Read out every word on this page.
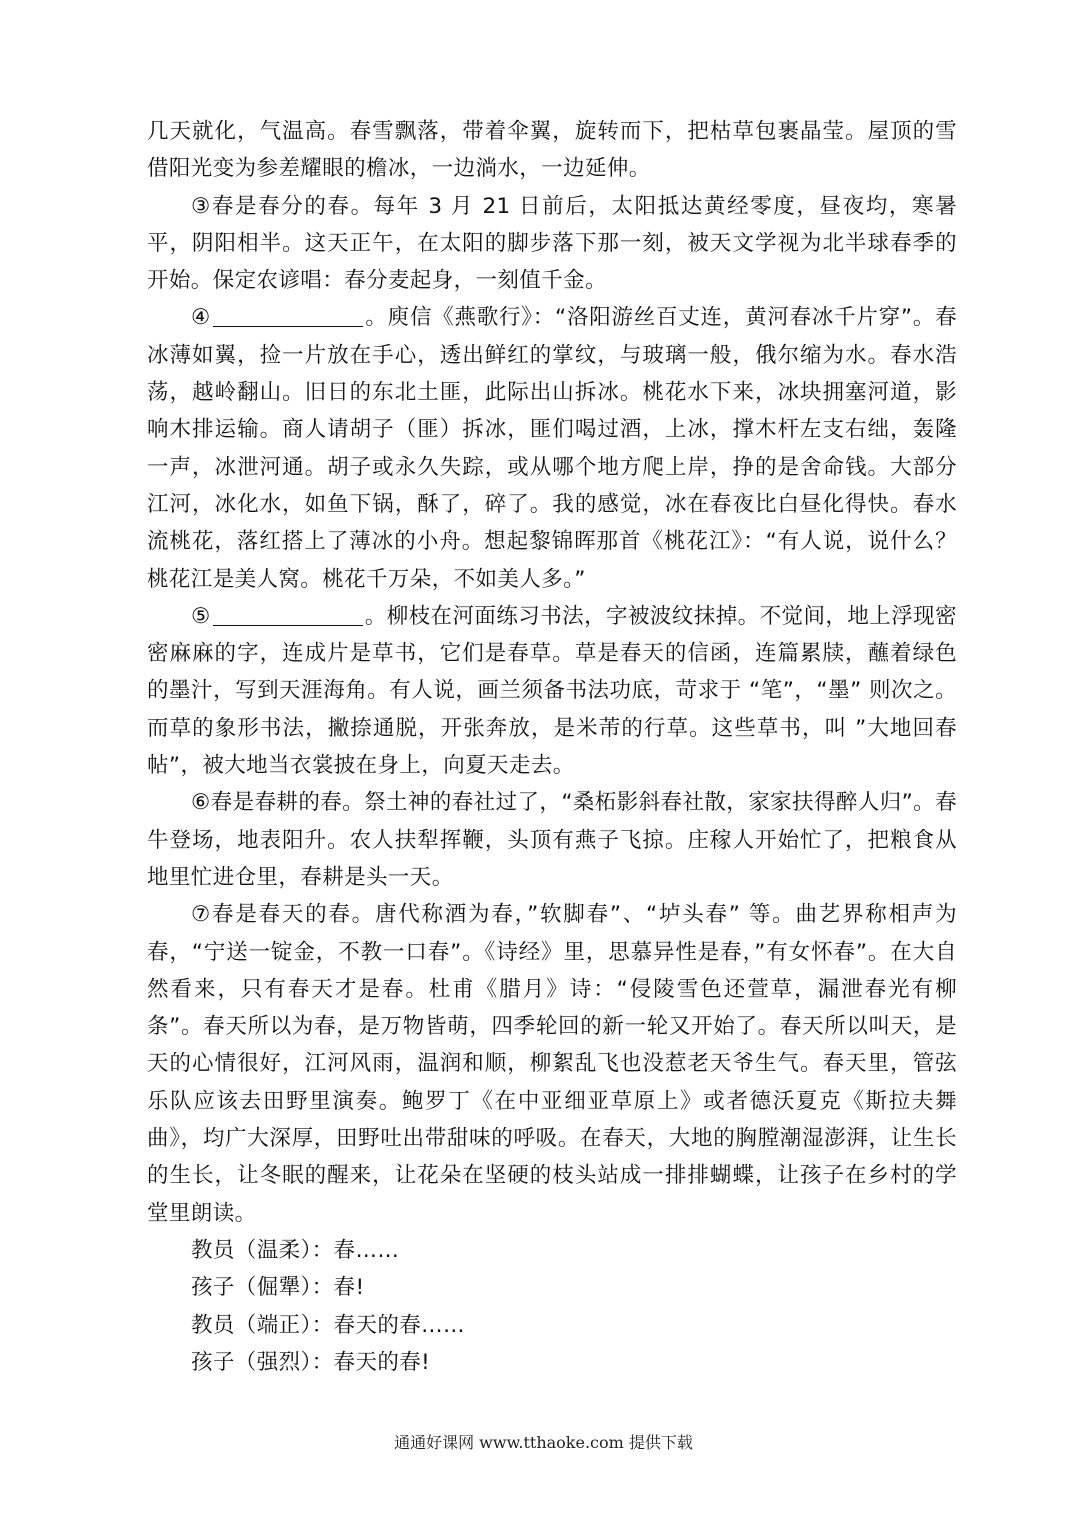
几天就化，气温高。春雪飘落，带着伞翼，旋转而下，把枯草包裹晶莹。屋顶的雪借阳光变为参差耀眼的檐冰，一边淌水，一边延伸。

③春是春分的春。每年 3 月 21 日前后，太阳抵达黄经零度，昼夜均，寒暑平，阴阳相半。这天正午，在太阳的脚步落下那一刻，被天文学视为北半球春季的开始。保定农谚唱：春分麦起身，一刻值千金。

④	。庾信《燕歌行》：“洛阳游丝百丈连，黄河春冰千片穿”。春冰薄如翼，捡一片放在手心，透出鲜红的掌纹，与玻璃一般，俄尔缩为水。春水浩荡，越岭翻山。旧日的东北土匪，此际出山拆冰。桃花水下来，冰块拥塞河道，影响木排运输。商人请胡子（匪）拆冰，匪们喝过酒，上冰，撑木杆左支右绌，轰隆一声，冰泄河通。胡子或永久失踪，或从哪个地方爬上岸，挣的是舍命钱。大部分江河，冰化水，如鱼下锅，酥了，碎了。我的感觉，冰在春夜比白昼化得快。春水流桃花，落红搭上了薄冰的小舟。想起黎锦晖那首《桃花江》：“有人说，说什么？桃花江是美人窝。桃花千万朵，不如美人多。”

⑤	。柳枝在河面练习书法，字被波纹抹掉。不觉间，地上浮现密密麻麻的字，连成片是草书，它们是春草。草是春天的信函，连篇累牍，蘸着绿色的墨汁，写到天涯海角。有人说，画兰须备书法功底，苛求于 “笔”，“墨” 则次之。而草的象形书法，撇捺通脱，开张奔放，是米芾的行草。这些草书，叫 ”大地回春帖”，被大地当衣裳披在身上，向夏天走去。

⑥春是春耕的春。祭土神的春社过了，“桑柘影斜春社散，家家扶得醉人归”。春牛登场，地表阳升。农人扶犁挥鞭，头顶有燕子飞掠。庄稼人开始忙了，把粮食从地里忙进仓里，春耕是头一天。

⑦春是春天的春。唐代称酒为春，”软脚春”、“垆头春” 等。曲艺界称相声为春，“宁送一锭金，不教一口春”。《诗经》里，思慕异性是春，”有女怀春”。在大自然看来，只有春天才是春。杜甫《腊月》诗：“侵陵雪色还萱草，漏泄春光有柳条”。春天所以为春，是万物皆萌，四季轮回的新一轮又开始了。春天所以叫天，是天的心情很好，江河风雨，温润和顺，柳絮乱飞也没惹老天爷生气。春天里，管弦乐队应该去田野里演奏。鲍罗丁《在中亚细亚草原上》或者德沃夏克《斯拉夫舞曲》，均广大深厚，田野吐出带甜味的呼吸。在春天，大地的胸膛潮湿澎湃，让生长的生长，让冬眠的醒来，让花朵在坚硬的枝头站成一排排蝴蝶，让孩子在乡村的学堂里朗读。

教员（温柔）：春……

孩子（倔犟）：春!

教员（端正）：春天的春……

孩子（强烈）：春天的春!

通通好课网 www.tthaoke.com 提供下载
